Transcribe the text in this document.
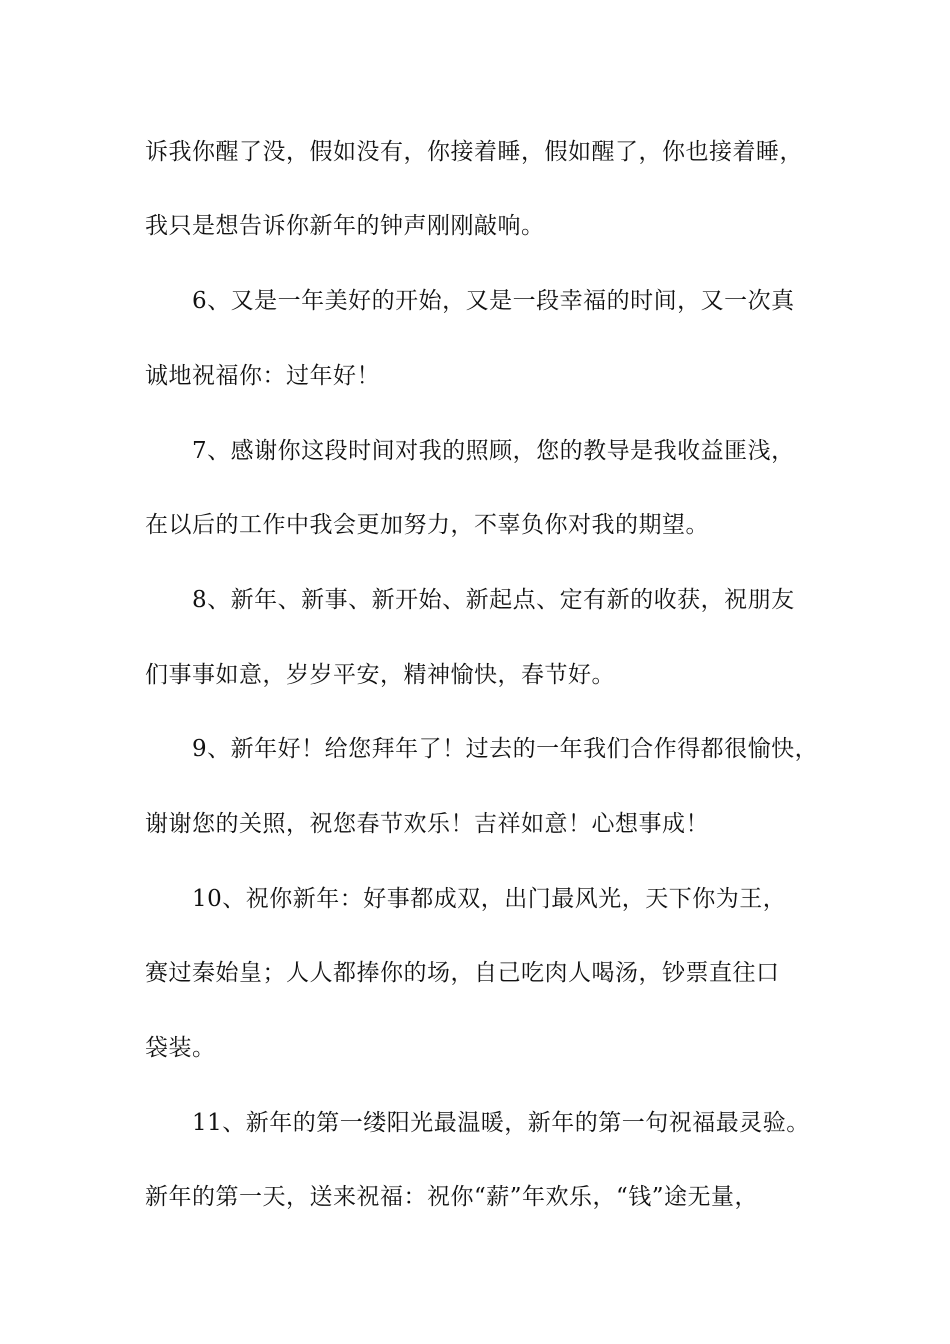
诉我你醒了没，假如没有，你接着睡，假如醒了，你也接着睡，
我只是想告诉你新年的钟声刚刚敲响。
6、又是一年美好的开始，又是一段幸福的时间，又一次真
诚地祝福你：过年好！
7、感谢你这段时间对我的照顾，您的教导是我收益匪浅，
在以后的工作中我会更加努力，不辜负你对我的期望。
8、新年、新事、新开始、新起点、定有新的收获，祝朋友
们事事如意，岁岁平安，精神愉快，春节好。
9、新年好！给您拜年了！过去的一年我们合作得都很愉快，
谢谢您的关照，祝您春节欢乐！吉祥如意！心想事成！
10、祝你新年：好事都成双，出门最风光，天下你为王，
赛过秦始皇；人人都捧你的场，自己吃肉人喝汤，钞票直往口
袋装。
11、新年的第一缕阳光最温暖，新年的第一句祝福最灵验。
新年的第一天，送来祝福：祝你“薪”年欢乐，“钱”途无量，
